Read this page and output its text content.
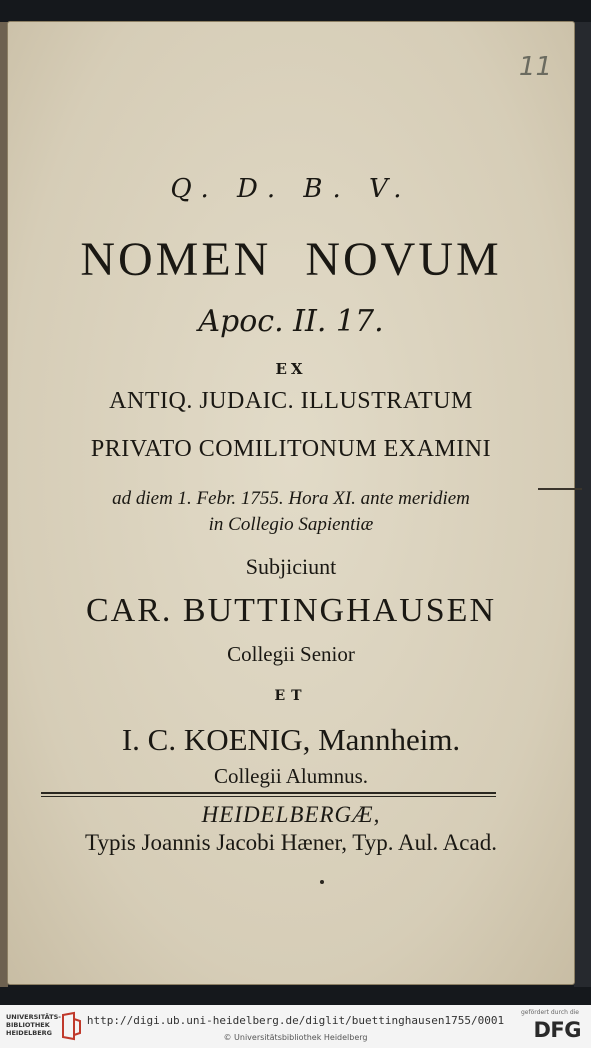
11
Q. D. B. V.
NOMEN NOVUM
Apoc. II. 17.
EX
ANTIQ. JUDAIC. ILLUSTRATUM
PRIVATO COMILITONUM EXAMINI
ad diem 1. Febr. 1755. Hora XI. ante meridiem
in Collegio Sapientiæ
Subjiciunt
CAR. BUTTINGHAUSEN
Collegii Senior
ET
I. C. KOENIG, Mannheim.
Collegii Alumnus.
HEIDELBERGÆ,
Typis Joannis Jacobi Hæner, Typ. Aul. Acad.
UNIVERSITÄTS-
BIBLIOTHEK
HEIDELBERG
http://digi.ub.uni-heidelberg.de/diglit/buettinghausen1755/0001
© Universitätsbibliothek Heidelberg
gefördert durch die
DFG
